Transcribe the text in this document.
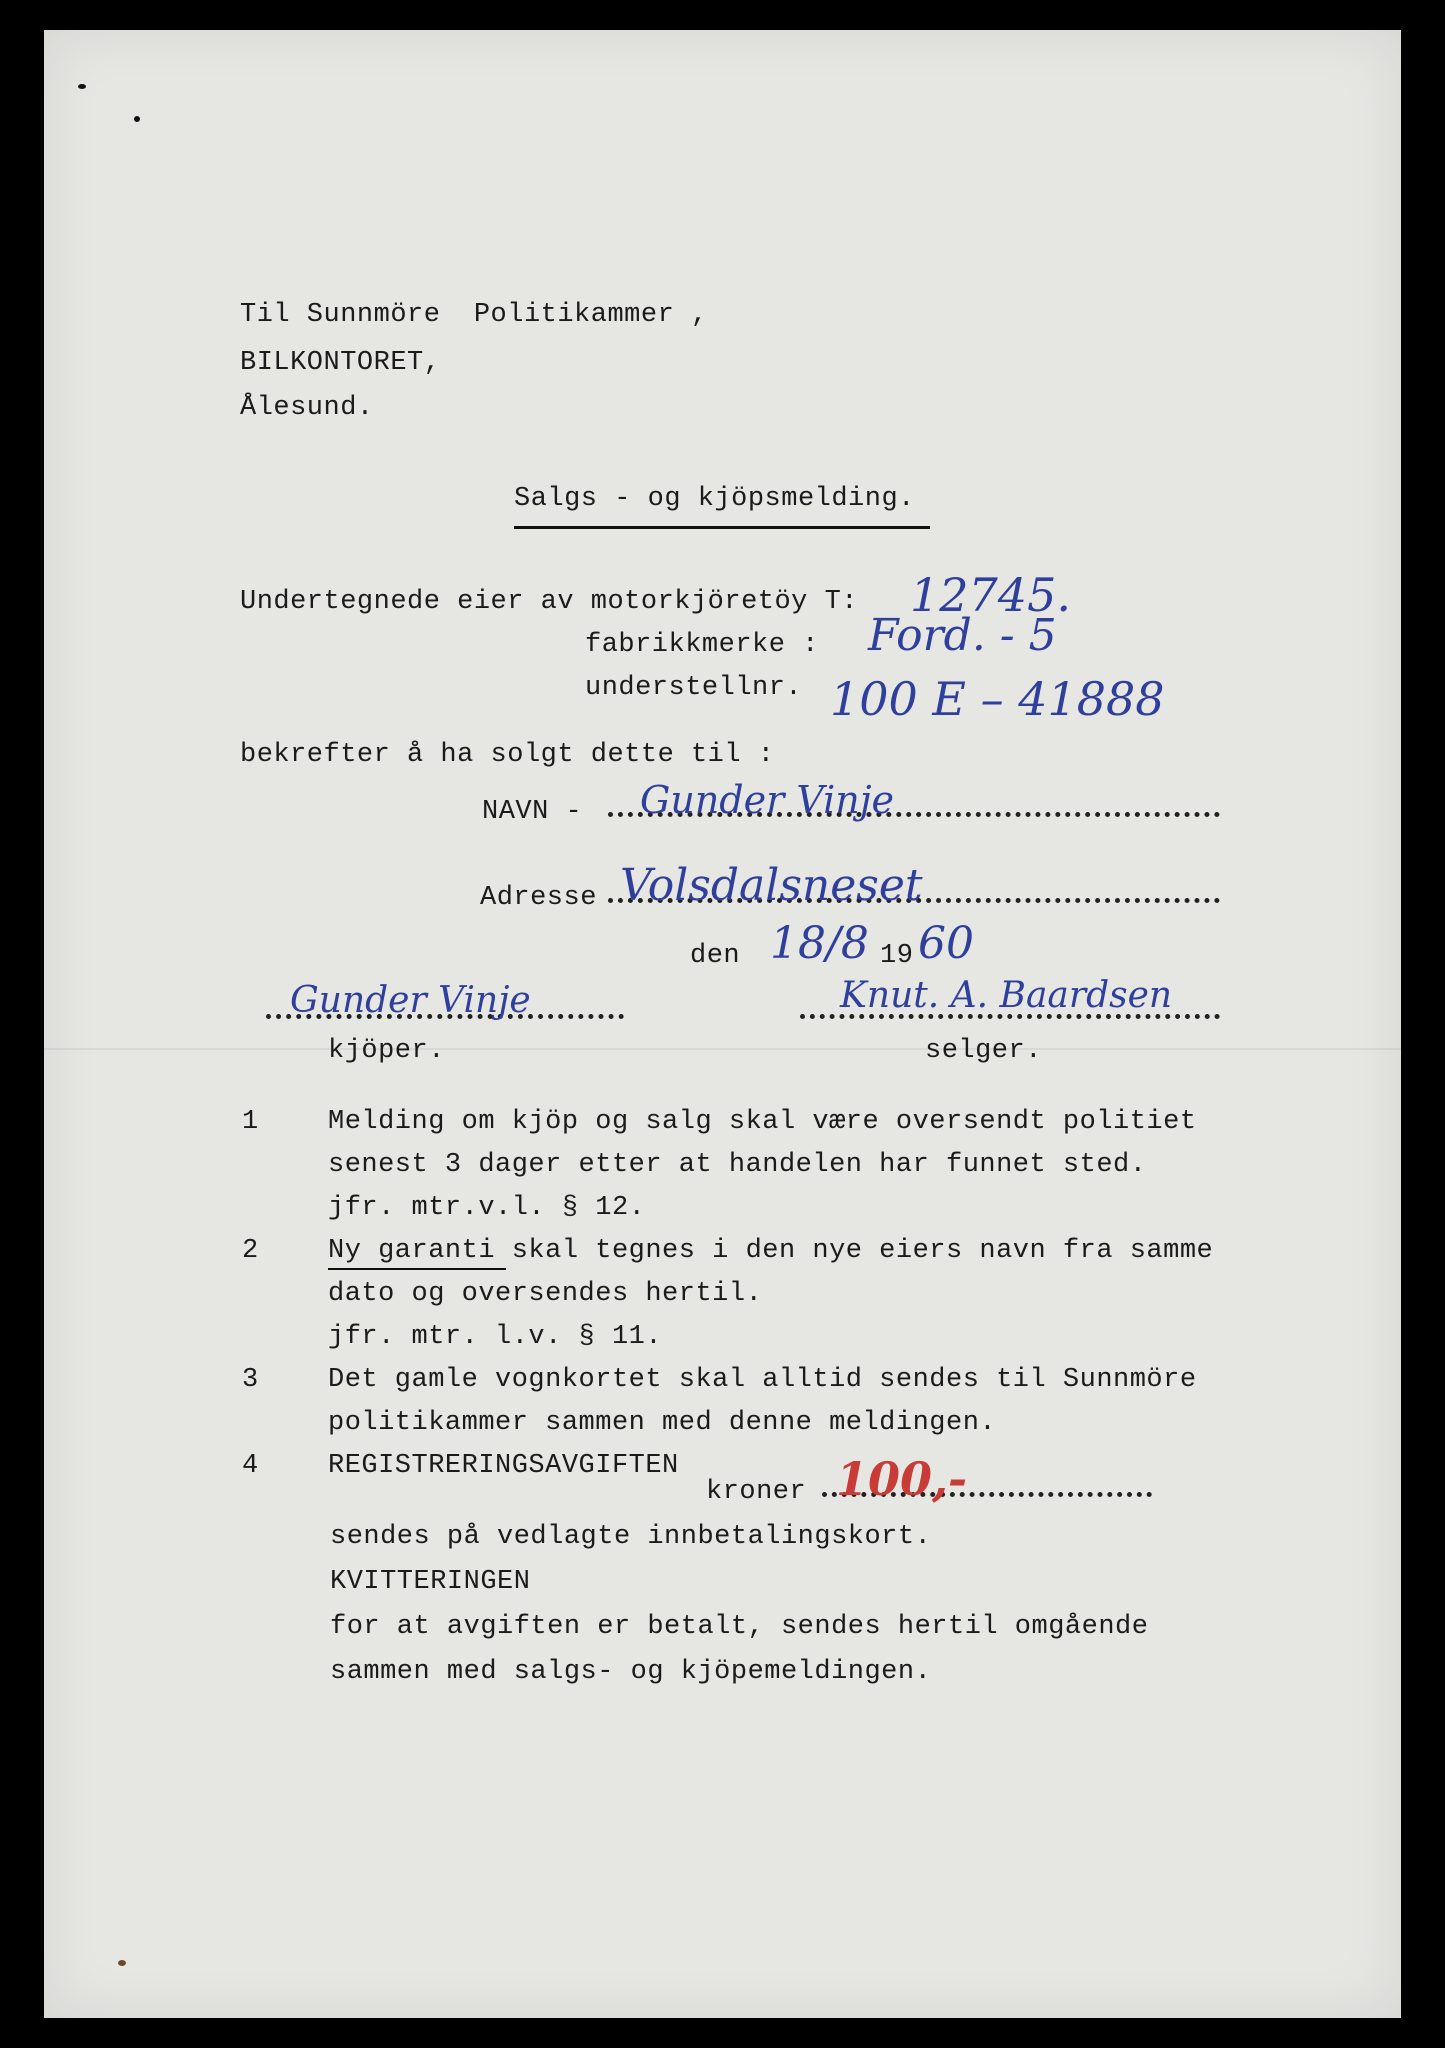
Til Sunnmöre  Politikammer ,
BILKONTORET,
Ålesund.
Salgs - og kjöpsmelding.
Undertegnede eier av motorkjöretöy T: 12745.
fabrikkmerke : Ford. - 5
understellnr. 100 E – 41888
bekrefter å ha solgt dette til :
NAVN - Gunder Vinje
Adresse Volsdalsneset
den 18/8 19 60
Gunder Vinje	Knut. A. Baardsen
kjöper.	selger.
1	Melding om kjöp og salg skal være oversendt politiet
senest 3 dager etter at handelen har funnet sted.
jfr. mtr.v.l. § 12.
2	Ny garanti skal tegnes i den nye eiers navn fra samme
dato og oversendes hertil.
jfr. mtr. l.v. § 11.
3	Det gamle vognkortet skal alltid sendes til Sunnmöre
politikammer sammen med denne meldingen.
4	REGISTRERINGSAVGIFTEN
kroner 100,-
sendes på vedlagte innbetalingskort.
KVITTERINGEN
for at avgiften er betalt, sendes hertil omgående
sammen med salgs- og kjöpemeldingen.
